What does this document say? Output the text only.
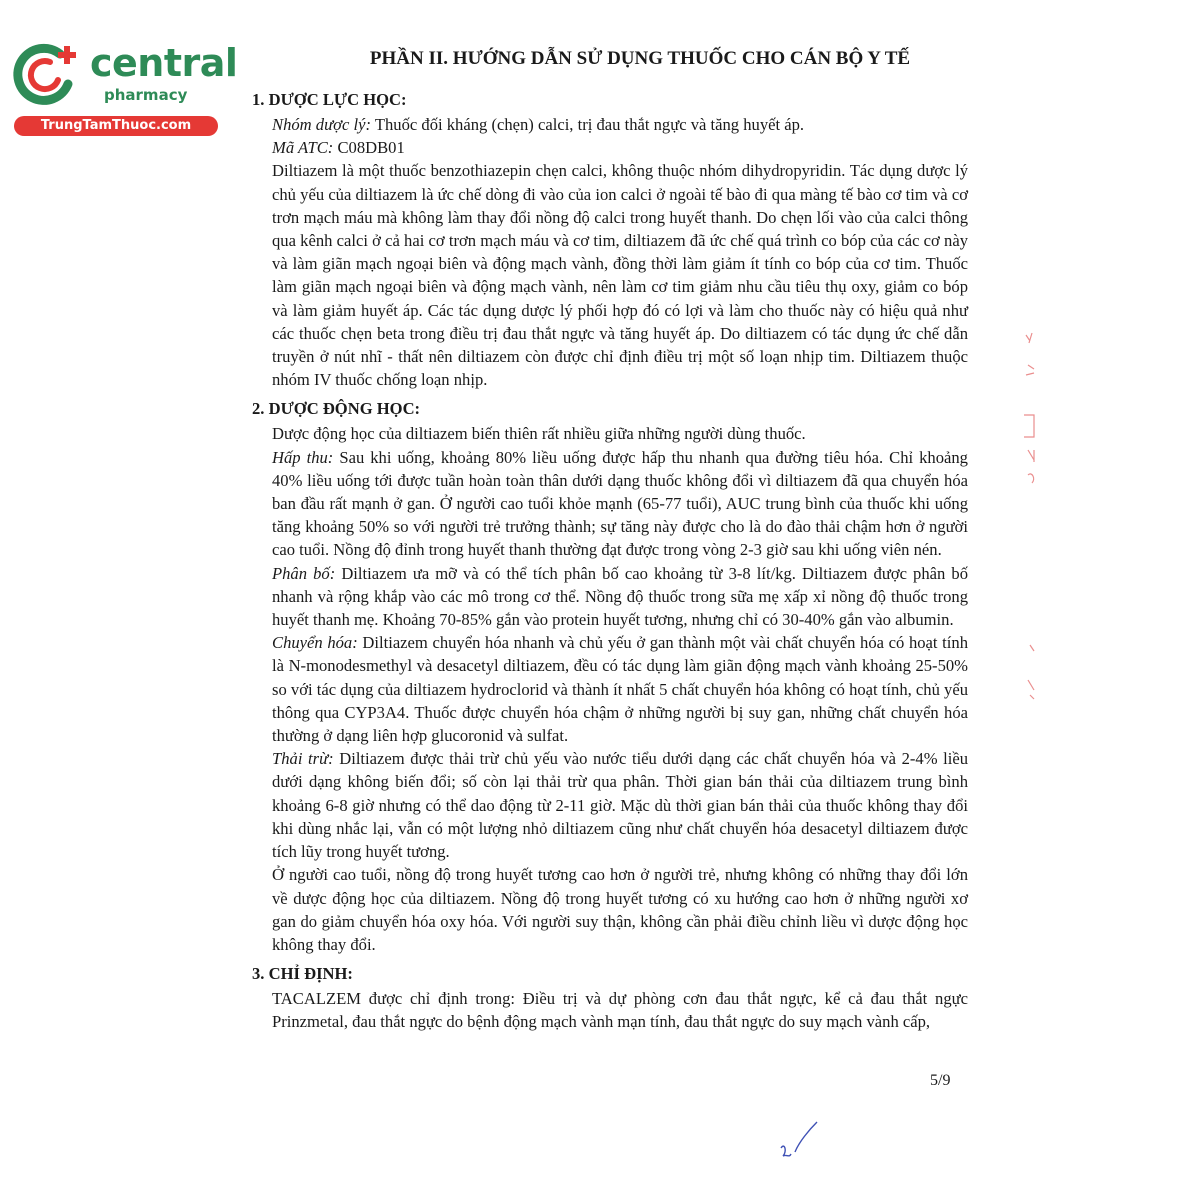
central
pharmacy
TrungTamThuoc.com
PHẦN II. HƯỚNG DẪN SỬ DỤNG THUỐC CHO CÁN BỘ Y TẾ
1. DƯỢC LỰC HỌC:

Nhóm dược lý: Thuốc đối kháng (chẹn) calci, trị đau thắt ngực và tăng huyết áp.

Mã ATC: C08DB01

Diltiazem là một thuốc benzothiazepin chẹn calci, không thuộc nhóm dihydropyridin. Tác dụng dược lý chủ yếu của diltiazem là ức chế dòng đi vào của ion calci ở ngoài tế bào đi qua màng tế bào cơ tim và cơ trơn mạch máu mà không làm thay đổi nồng độ calci trong huyết thanh. Do chẹn lối vào của calci thông qua kênh calci ở cả hai cơ trơn mạch máu và cơ tim, diltiazem đã ức chế quá trình co bóp của các cơ này và làm giãn mạch ngoại biên và động mạch vành, đồng thời làm giảm ít tính co bóp của cơ tim. Thuốc làm giãn mạch ngoại biên và động mạch vành, nên làm cơ tim giảm nhu cầu tiêu thụ oxy, giảm co bóp và làm giảm huyết áp. Các tác dụng dược lý phối hợp đó có lợi và làm cho thuốc này có hiệu quả như các thuốc chẹn beta trong điều trị đau thắt ngực và tăng huyết áp. Do diltiazem có tác dụng ức chế dẫn truyền ở nút nhĩ - thất nên diltiazem còn được chỉ định điều trị một số loạn nhịp tim. Diltiazem thuộc nhóm IV thuốc chống loạn nhịp.

2. DƯỢC ĐỘNG HỌC:

Dược động học của diltiazem biến thiên rất nhiều giữa những người dùng thuốc.

Hấp thu: Sau khi uống, khoảng 80% liều uống được hấp thu nhanh qua đường tiêu hóa. Chỉ khoảng 40% liều uống tới được tuần hoàn toàn thân dưới dạng thuốc không đổi vì diltiazem đã qua chuyển hóa ban đầu rất mạnh ở gan. Ở người cao tuổi khỏe mạnh (65-77 tuổi), AUC trung bình của thuốc khi uống tăng khoảng 50% so với người trẻ trưởng thành; sự tăng này được cho là do đào thải chậm hơn ở người cao tuổi. Nồng độ đỉnh trong huyết thanh thường đạt được trong vòng 2-3 giờ sau khi uống viên nén.

Phân bố: Diltiazem ưa mỡ và có thể tích phân bố cao khoảng từ 3-8 lít/kg. Diltiazem được phân bố nhanh và rộng khắp vào các mô trong cơ thể. Nồng độ thuốc trong sữa mẹ xấp xỉ nồng độ thuốc trong huyết thanh mẹ. Khoảng 70-85% gắn vào protein huyết tương, nhưng chỉ có 30-40% gắn vào albumin.

Chuyển hóa: Diltiazem chuyển hóa nhanh và chủ yếu ở gan thành một vài chất chuyển hóa có hoạt tính là N-monodesmethyl và desacetyl diltiazem, đều có tác dụng làm giãn động mạch vành khoảng 25-50% so với tác dụng của diltiazem hydroclorid và thành ít nhất 5 chất chuyển hóa không có hoạt tính, chủ yếu thông qua CYP3A4. Thuốc được chuyển hóa chậm ở những người bị suy gan, những chất chuyển hóa thường ở dạng liên hợp glucoronid và sulfat.

Thải trừ: Diltiazem được thải trừ chủ yếu vào nước tiểu dưới dạng các chất chuyển hóa và 2-4% liều dưới dạng không biến đổi; số còn lại thải trừ qua phân. Thời gian bán thải của diltiazem trung bình khoảng 6-8 giờ nhưng có thể dao động từ 2-11 giờ. Mặc dù thời gian bán thải của thuốc không thay đổi khi dùng nhắc lại, vẫn có một lượng nhỏ diltiazem cũng như chất chuyển hóa desacetyl diltiazem được tích lũy trong huyết tương.

Ở người cao tuổi, nồng độ trong huyết tương cao hơn ở người trẻ, nhưng không có những thay đổi lớn về dược động học của diltiazem. Nồng độ trong huyết tương có xu hướng cao hơn ở những người xơ gan do giảm chuyển hóa oxy hóa. Với người suy thận, không cần phải điều chỉnh liều vì dược động học không thay đổi.

3. CHỈ ĐỊNH:

TACALZEM được chỉ định trong: Điều trị và dự phòng cơn đau thắt ngực, kể cả đau thắt ngực Prinzmetal, đau thắt ngực do bệnh động mạch vành mạn tính, đau thắt ngực do suy mạch vành cấp,

5/9
